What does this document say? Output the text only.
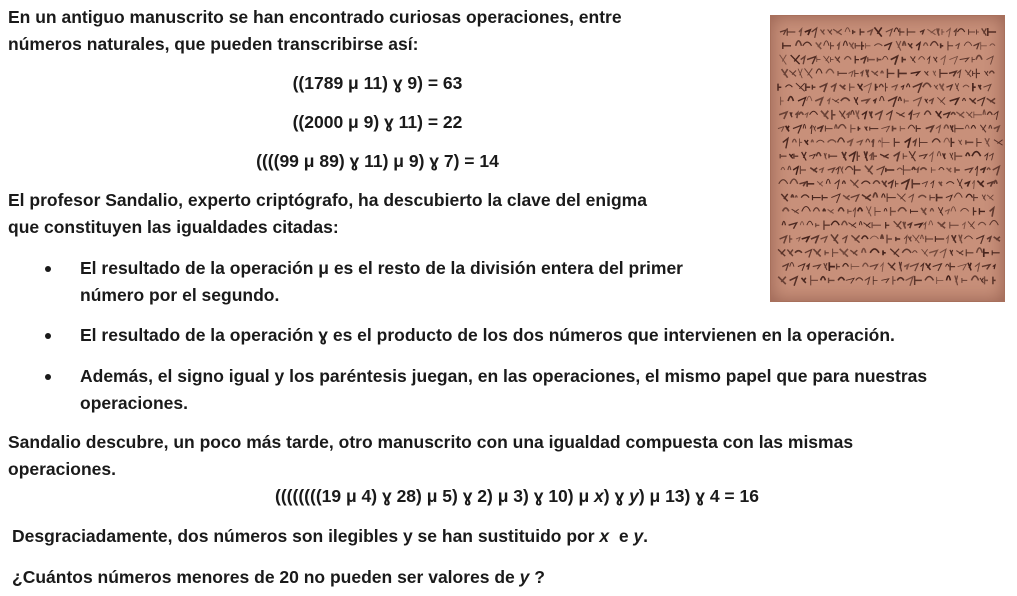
En un antiguo manuscrito se han encontrado curiosas operaciones, entre
números naturales, que pueden transcribirse así:
((1789 μ 11) ɣ 9) = 63
((2000 μ 9) ɣ 11) = 22
((((99 μ 89) ɣ 11) μ 9) ɣ 7) = 14
El profesor Sandalio, experto criptógrafo, ha descubierto la clave del enigma
que constituyen las igualdades citadas:
El resultado de la operación μ es el resto de la división entera del primer
número por el segundo.
El resultado de la operación ɣ es el producto de los dos números que intervienen en la operación.
Además, el signo igual y los paréntesis juegan, en las operaciones, el mismo papel que para nuestras
operaciones.
Sandalio descubre, un poco más tarde, otro manuscrito con una igualdad compuesta con las mismas
operaciones.
((((((((19 μ 4) ɣ 28) μ 5) ɣ 2) μ 3) ɣ 10) μ x) ɣ y) μ 13) ɣ 4 = 16
Desgraciadamente, dos números son ilegibles y se han sustituido por x  e y.
¿Cuántos números menores de 20 no pueden ser valores de y ?
